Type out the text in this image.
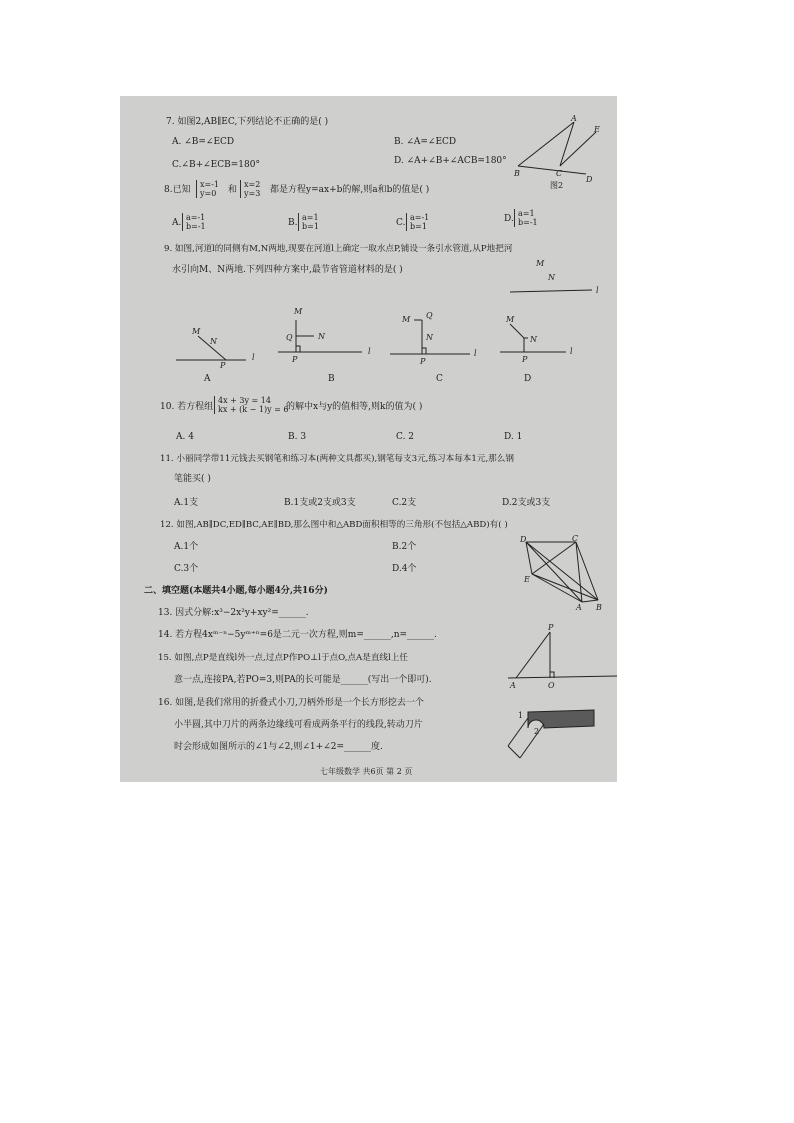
7. 如图2,AB∥EC,下列结论不正确的是( )
A. ∠B=∠ECD	B. ∠A=∠ECD
C.∠B+∠ECB=180°	D. ∠A+∠B+∠ACB=180°
A
E
B	C
D
图2
8.已知
x=-1
y=0	和
x=2
y=3 都是方程y=ax+b的解,则a和b的值是( )
A.
a=-1
b=-1	B.
a=1
b=1	C.
a=-1
b=1
D.
a=1
b=-1
9. 如图,河道l的同侧有M,N两地,现要在河道l上确定一取水点P,铺设一条引水管道,从P地把河
水引向M、N两地.下列四种方案中,最节省管道材料的是( )
M
N
l
M
N
P
l
A
M
Q	N
P
l
B
M Q
N
P
l
C
M
N
P
l
D
10. 若方程组
4x + 3y = 14
kx + (k − 1)y = 6
的解中x与y的值相等,则k的值为( )
A. 4	B. 3	C. 2	D. 1
11. 小丽同学带11元钱去买钢笔和练习本(两种文具都买),钢笔每支3元,练习本每本1元,那么钢
笔能买( )
A.1支	B.1支或2支或3支	C.2支	D.2支或3支
12. 如图,AB∥DC,ED∥BC,AE∥BD,那么图中和△ABD面积相等的三角形(不包括△ABD)有( )
A.1个	B.2个
C.3个	D.4个
D	C
E
A B
二、填空题(本题共4小题,每小题4分,共16分)
13. 因式分解:x³−2x²y+xy²=______.
14. 若方程4xᵐ⁻ⁿ−5yᵐ⁺ⁿ=6是二元一次方程,则m=______,n=______.
15. 如图,点P是直线l外一点,过点P作PO⊥l于点O,点A是直线l上任
意一点,连接PA,若PO=3,则PA的长可能是______(写出一个即可).
P
A	O
16. 如图,是我们常用的折叠式小刀,刀柄外形是一个长方形挖去一个
小半圆,其中刀片的两条边缘线可看成两条平行的线段,转动刀片
时会形成如图所示的∠1与∠2,则∠1+∠2=______度.
1
2
七年级数学 共6页 第 2 页
